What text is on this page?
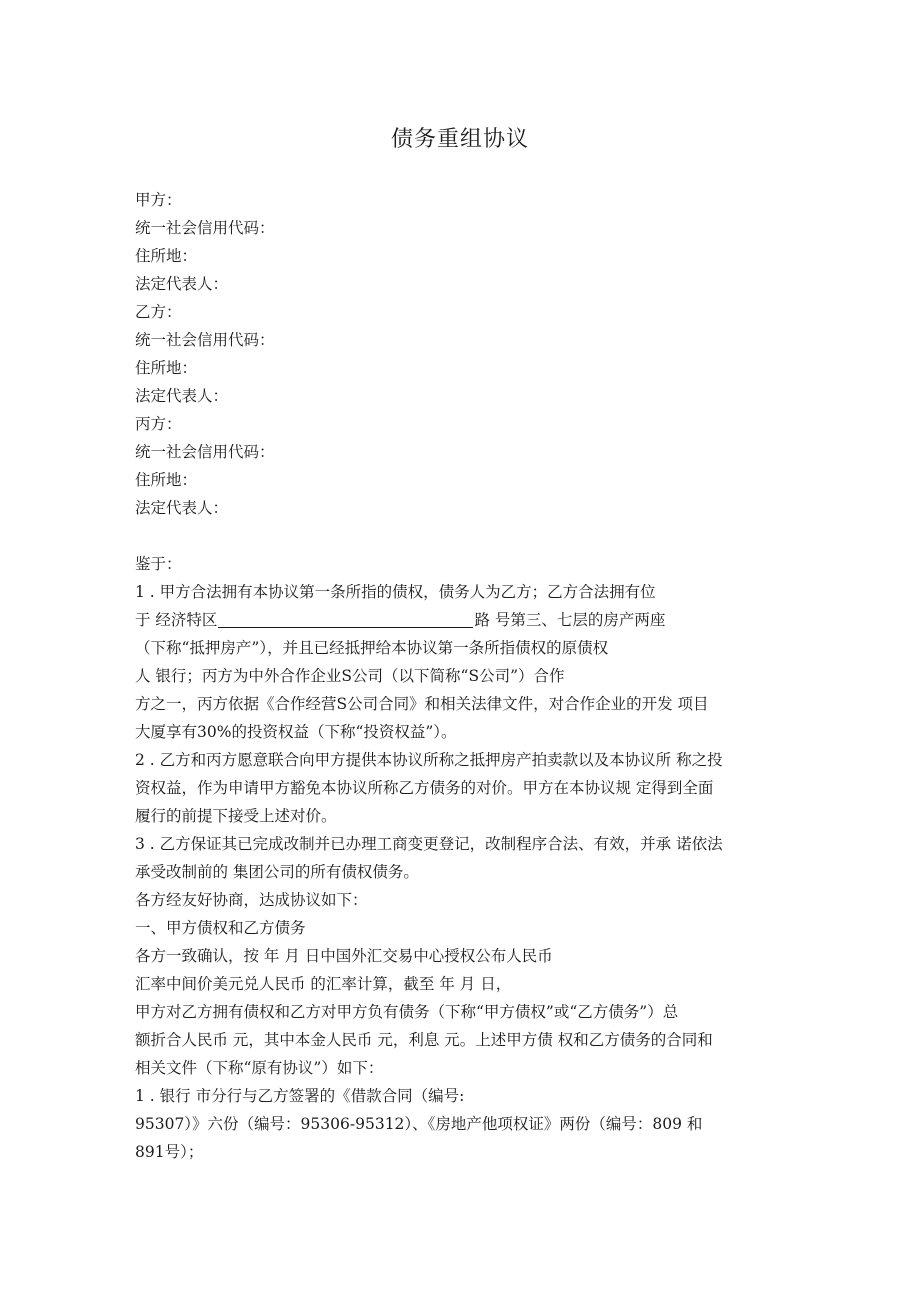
债务重组协议
甲方：
统一社会信用代码：
住所地：
法定代表人：
乙方：
统一社会信用代码：
住所地：
法定代表人：
丙方：
统一社会信用代码：
住所地：
法定代表人：
鉴于：
1 . 甲方合法拥有本协议第一条所指的债权，债务人为乙方；乙方合法拥有位
于 经济特区	路 号第三、七层的房产两座
（下称“抵押房产”），并且已经抵押给本协议第一条所指债权的原债权
人 银行；丙方为中外合作企业S公司（以下简称“S公司”）合作
方之一，丙方依据《合作经营S公司合同》和相关法律文件，对合作企业的开发 项目
大厦享有30%的投资权益（下称“投资权益”）。
2 . 乙方和丙方愿意联合向甲方提供本协议所称之抵押房产拍卖款以及本协议所 称之投
资权益，作为申请甲方豁免本协议所称乙方债务的对价。甲方在本协议规 定得到全面
履行的前提下接受上述对价。
3 . 乙方保证其已完成改制并已办理工商变更登记，改制程序合法、有效，并承 诺依法
承受改制前的 集团公司的所有债权债务。
各方经友好协商，达成协议如下：
一、甲方债权和乙方债务
各方一致确认，按 年 月 日中国外汇交易中心授权公布人民币
汇率中间价美元兑人民币 的汇率计算，截至 年 月 日，
甲方对乙方拥有债权和乙方对甲方负有债务（下称“甲方债权”或“乙方债务”）总
额折合人民币 元，其中本金人民币 元，利息 元。上述甲方债 权和乙方债务的合同和
相关文件（下称“原有协议”）如下：
1 . 银行 市分行与乙方签署的《借款合同（编号:
95307）》六份（编号：95306-95312）、《房地产他项权证》两份（编号：809 和
891号）；
